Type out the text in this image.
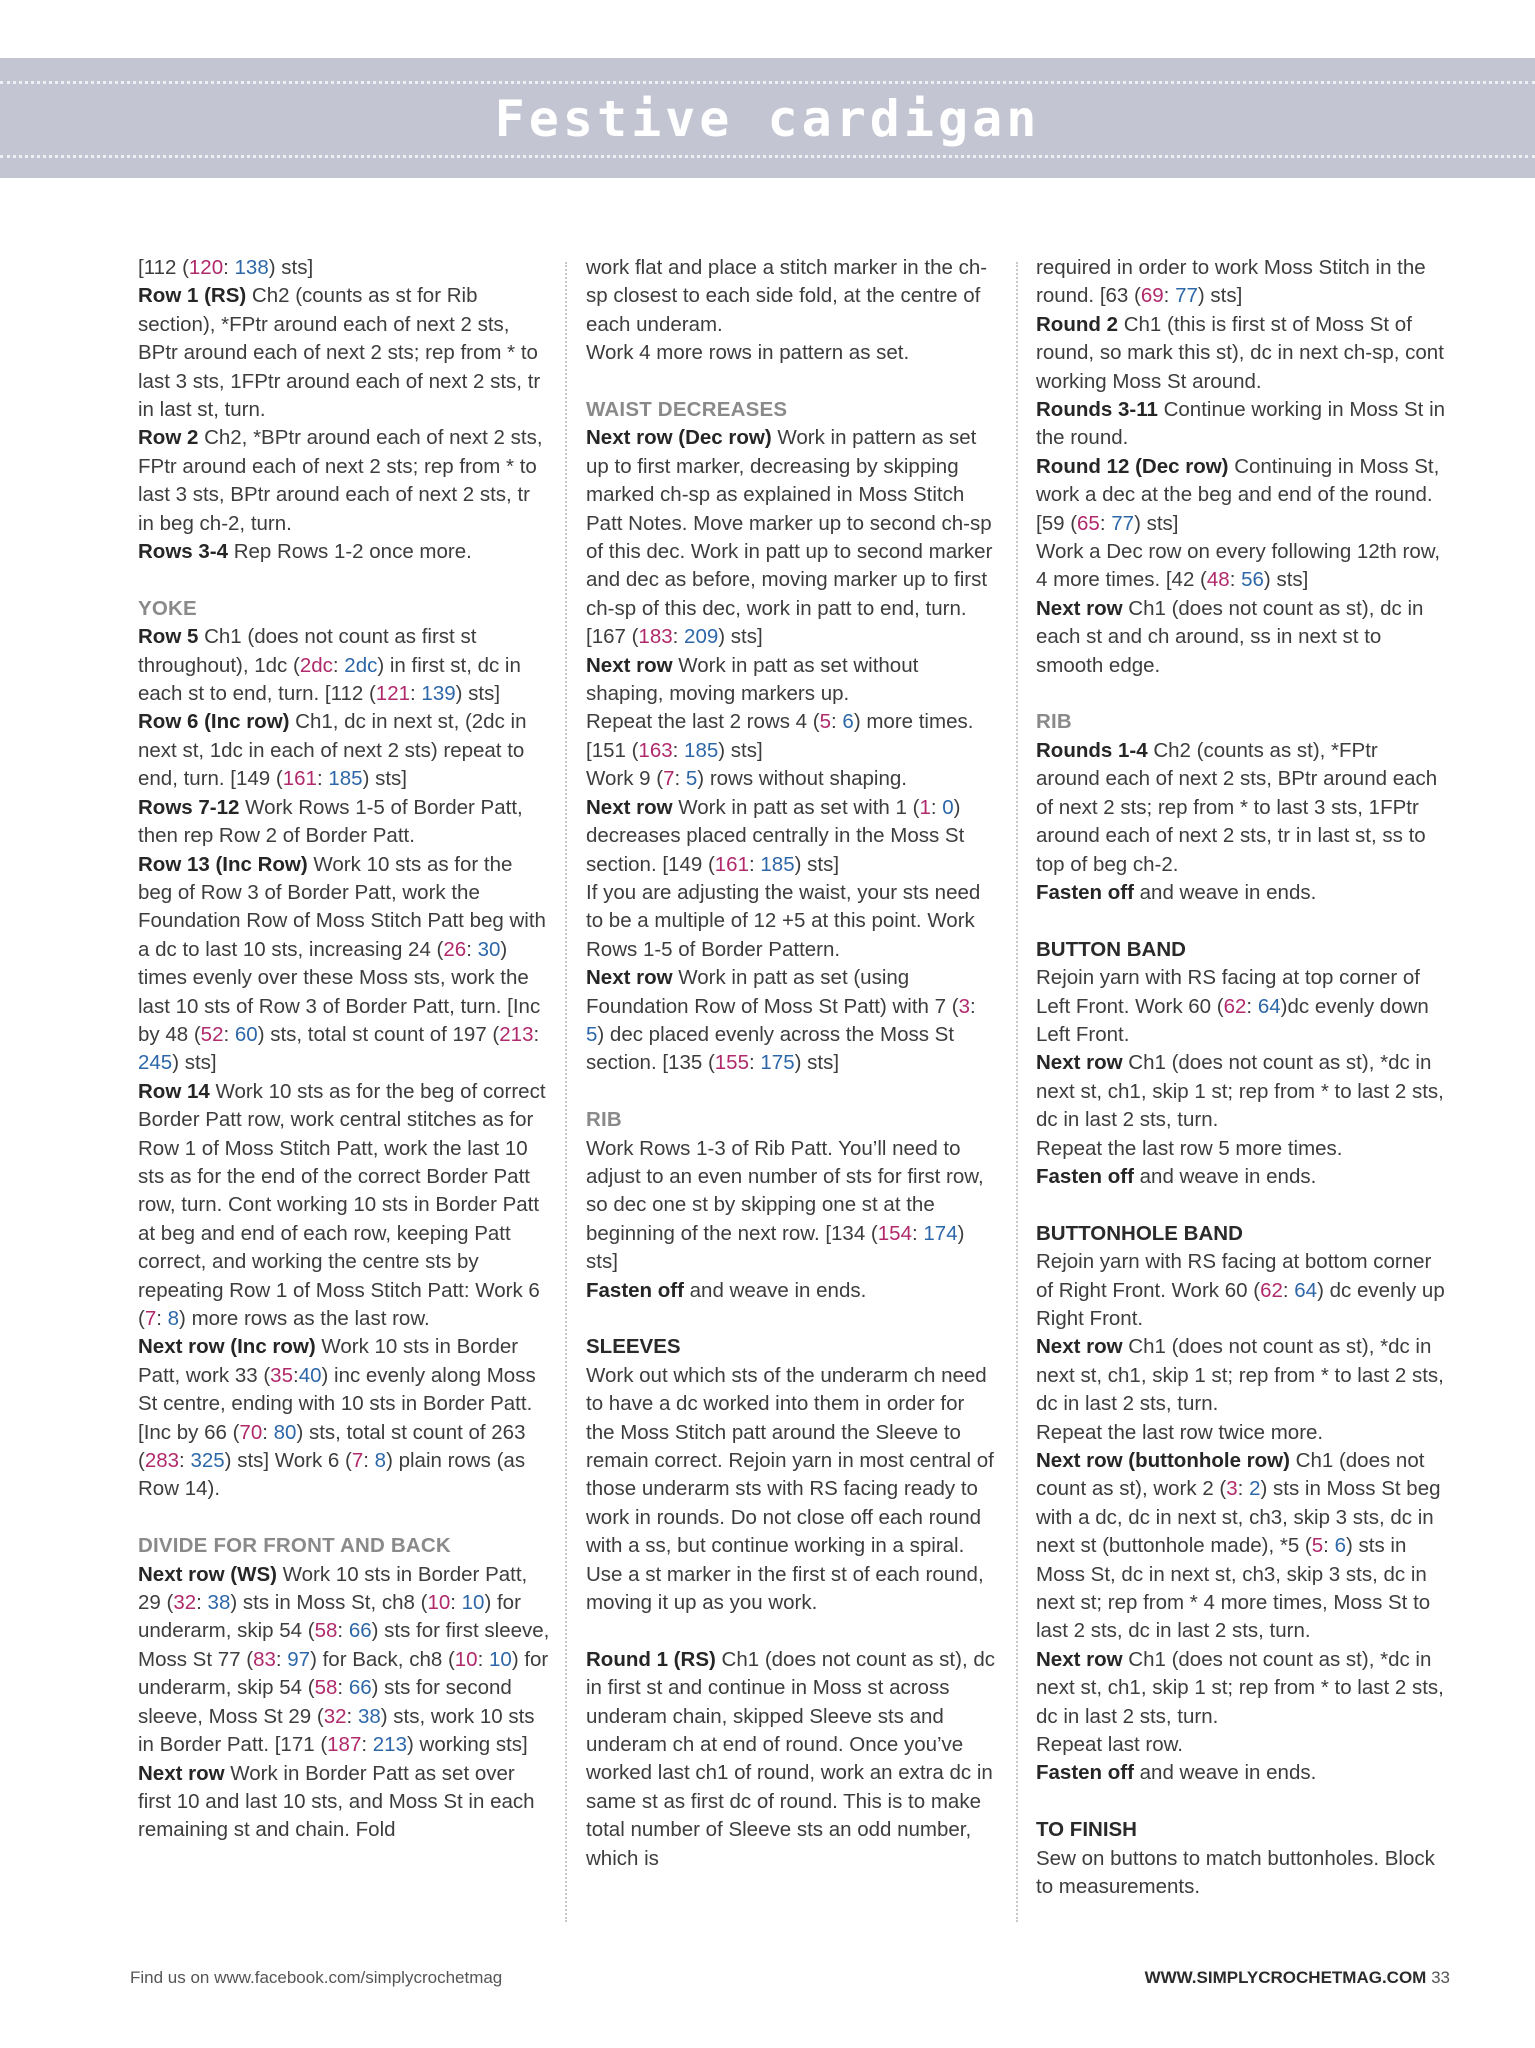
Festive cardigan
[112 (120: 138) sts]
Row 1 (RS) Ch2 (counts as st for Rib section), *FPtr around each of next 2 sts, BPtr around each of next 2 sts; rep from * to last 3 sts, 1FPtr around each of next 2 sts, tr in last st, turn.
Row 2 Ch2, *BPtr around each of next 2 sts, FPtr around each of next 2 sts; rep from * to last 3 sts, BPtr around each of next 2 sts, tr in beg ch-2, turn.
Rows 3-4 Rep Rows 1-2 once more.
YOKE
Row 5 Ch1 (does not count as first st throughout), 1dc (2dc: 2dc) in first st, dc in each st to end, turn. [112 (121: 139) sts]
Row 6 (Inc row) Ch1, dc in next st, (2dc in next st, 1dc in each of next 2 sts) repeat to end, turn. [149 (161: 185) sts]
Rows 7-12 Work Rows 1-5 of Border Patt, then rep Row 2 of Border Patt.
Row 13 (Inc Row) Work 10 sts as for the beg of Row 3 of Border Patt, work the Foundation Row of Moss Stitch Patt beg with a dc to last 10 sts, increasing 24 (26: 30) times evenly over these Moss sts, work the last 10 sts of Row 3 of Border Patt, turn. [Inc by 48 (52: 60) sts, total st count of 197 (213: 245) sts]
Row 14 Work 10 sts as for the beg of correct Border Patt row, work central stitches as for Row 1 of Moss Stitch Patt, work the last 10 sts as for the end of the correct Border Patt row, turn. Cont working 10 sts in Border Patt at beg and end of each row, keeping Patt correct, and working the centre sts by repeating Row 1 of Moss Stitch Patt: Work 6 (7: 8) more rows as the last row.
Next row (Inc row) Work 10 sts in Border Patt, work 33 (35:40) inc evenly along Moss St centre, ending with 10 sts in Border Patt. [Inc by 66 (70: 80) sts, total st count of 263 (283: 325) sts] Work 6 (7: 8) plain rows (as Row 14).
DIVIDE FOR FRONT AND BACK
Next row (WS) Work 10 sts in Border Patt, 29 (32: 38) sts in Moss St, ch8 (10: 10) for underarm, skip 54 (58: 66) sts for first sleeve, Moss St 77 (83: 97) for Back, ch8 (10: 10) for underarm, skip 54 (58: 66) sts for second sleeve, Moss St 29 (32: 38) sts, work 10 sts in Border Patt. [171 (187: 213) working sts]
Next row Work in Border Patt as set over first 10 and last 10 sts, and Moss St in each remaining st and chain. Fold
work flat and place a stitch marker in the ch-sp closest to each side fold, at the centre of each underam.
Work 4 more rows in pattern as set.
WAIST DECREASES
Next row (Dec row) Work in pattern as set up to first marker, decreasing by skipping marked ch-sp as explained in Moss Stitch Patt Notes. Move marker up to second ch-sp of this dec. Work in patt up to second marker and dec as before, moving marker up to first ch-sp of this dec, work in patt to end, turn. [167 (183: 209) sts]
Next row Work in patt as set without shaping, moving markers up.
Repeat the last 2 rows 4 (5: 6) more times. [151 (163: 185) sts]
Work 9 (7: 5) rows without shaping.
Next row Work in patt as set with 1 (1: 0) decreases placed centrally in the Moss St section. [149 (161: 185) sts]
If you are adjusting the waist, your sts need to be a multiple of 12 +5 at this point. Work Rows 1-5 of Border Pattern.
Next row Work in patt as set (using Foundation Row of Moss St Patt) with 7 (3: 5) dec placed evenly across the Moss St section. [135 (155: 175) sts]
RIB
Work Rows 1-3 of Rib Patt. You’ll need to adjust to an even number of sts for first row, so dec one st by skipping one st at the beginning of the next row. [134 (154: 174) sts]
Fasten off and weave in ends.
SLEEVES
Work out which sts of the underarm ch need to have a dc worked into them in order for the Moss Stitch patt around the Sleeve to remain correct. Rejoin yarn in most central of those underarm sts with RS facing ready to work in rounds. Do not close off each round with a ss, but continue working in a spiral. Use a st marker in the first st of each round, moving it up as you work.
Round 1 (RS) Ch1 (does not count as st), dc in first st and continue in Moss st across underam chain, skipped Sleeve sts and underam ch at end of round. Once you’ve worked last ch1 of round, work an extra dc in same st as first dc of round. This is to make total number of Sleeve sts an odd number, which is
required in order to work Moss Stitch in the round. [63 (69: 77) sts]
Round 2 Ch1 (this is first st of Moss St of round, so mark this st), dc in next ch-sp, cont working Moss St around.
Rounds 3-11 Continue working in Moss St in the round.
Round 12 (Dec row) Continuing in Moss St, work a dec at the beg and end of the round. [59 (65: 77) sts]
Work a Dec row on every following 12th row, 4 more times. [42 (48: 56) sts]
Next row Ch1 (does not count as st), dc in each st and ch around, ss in next st to smooth edge.
RIB
Rounds 1-4 Ch2 (counts as st), *FPtr around each of next 2 sts, BPtr around each of next 2 sts; rep from * to last 3 sts, 1FPtr around each of next 2 sts, tr in last st, ss to top of beg ch-2.
Fasten off and weave in ends.
BUTTON BAND
Rejoin yarn with RS facing at top corner of Left Front. Work 60 (62: 64)dc evenly down Left Front.
Next row Ch1 (does not count as st), *dc in next st, ch1, skip 1 st; rep from * to last 2 sts, dc in last 2 sts, turn.
Repeat the last row 5 more times.
Fasten off and weave in ends.
BUTTONHOLE BAND
Rejoin yarn with RS facing at bottom corner of Right Front. Work 60 (62: 64) dc evenly up Right Front.
Next row Ch1 (does not count as st), *dc in next st, ch1, skip 1 st; rep from * to last 2 sts, dc in last 2 sts, turn.
Repeat the last row twice more.
Next row (buttonhole row) Ch1 (does not count as st), work 2 (3: 2) sts in Moss St beg with a dc, dc in next st, ch3, skip 3 sts, dc in next st (buttonhole made), *5 (5: 6) sts in Moss St, dc in next st, ch3, skip 3 sts, dc in next st; rep from * 4 more times, Moss St to last 2 sts, dc in last 2 sts, turn.
Next row Ch1 (does not count as st), *dc in next st, ch1, skip 1 st; rep from * to last 2 sts, dc in last 2 sts, turn.
Repeat last row.
Fasten off and weave in ends.
TO FINISH
Sew on buttons to match buttonholes. Block to measurements.
Find us on www.facebook.com/simplycrochetmag	WWW.SIMPLYCROCHETMAG.COM 33
